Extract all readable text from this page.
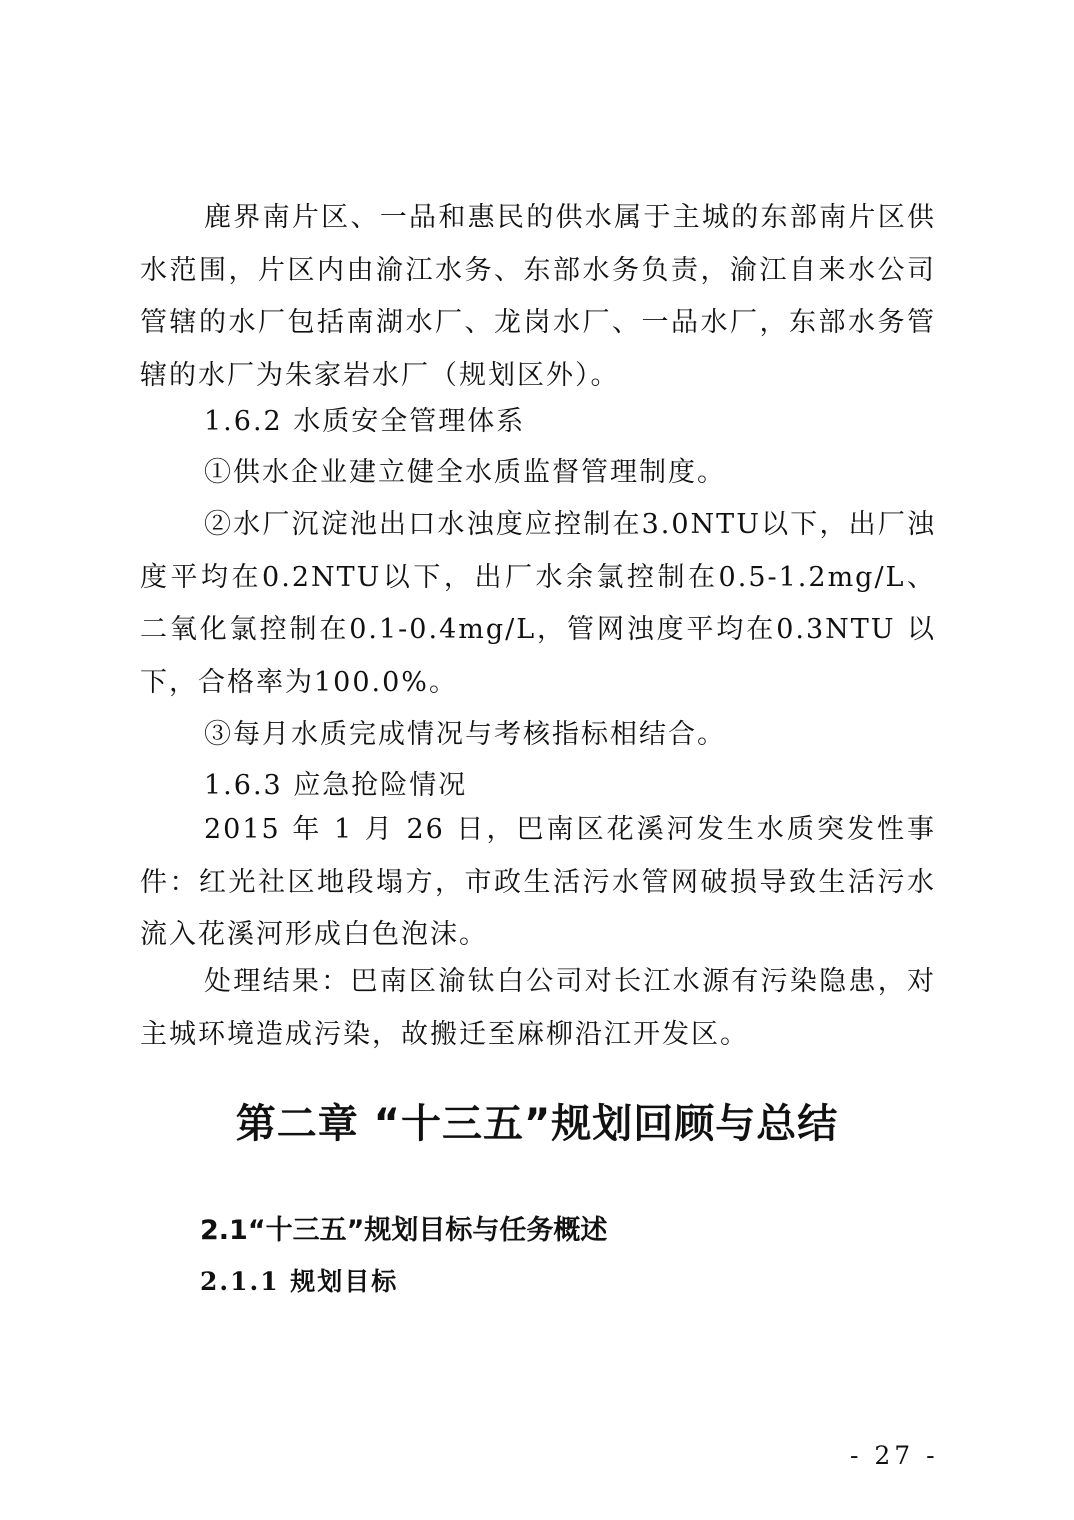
鹿界南片区、一品和惠民的供水属于主城的东部南片区供水范围，片区内由渝江水务、东部水务负责，渝江自来水公司管辖的水厂包括南湖水厂、龙岗水厂、一品水厂，东部水务管辖的水厂为朱家岩水厂（规划区外）。

1.6.2 水质安全管理体系

①供水企业建立健全水质监督管理制度。

②水厂沉淀池出口水浊度应控制在3.0NTU以下，出厂浊度平均在0.2NTU以下，出厂水余氯控制在0.5-1.2mg/L、二氧化氯控制在0.1-0.4mg/L，管网浊度平均在0.3NTU 以下，合格率为100.0%。

③每月水质完成情况与考核指标相结合。

1.6.3 应急抢险情况

2015 年 1 月 26 日，巴南区花溪河发生水质突发性事件：红光社区地段塌方，市政生活污水管网破损导致生活污水流入花溪河形成白色泡沫。

处理结果：巴南区渝钛白公司对长江水源有污染隐患，对主城环境造成污染，故搬迁至麻柳沿江开发区。

第二章 “十三五”规划回顾与总结
2.1“十三五”规划目标与任务概述
2.1.1 规划目标
- 27 -
